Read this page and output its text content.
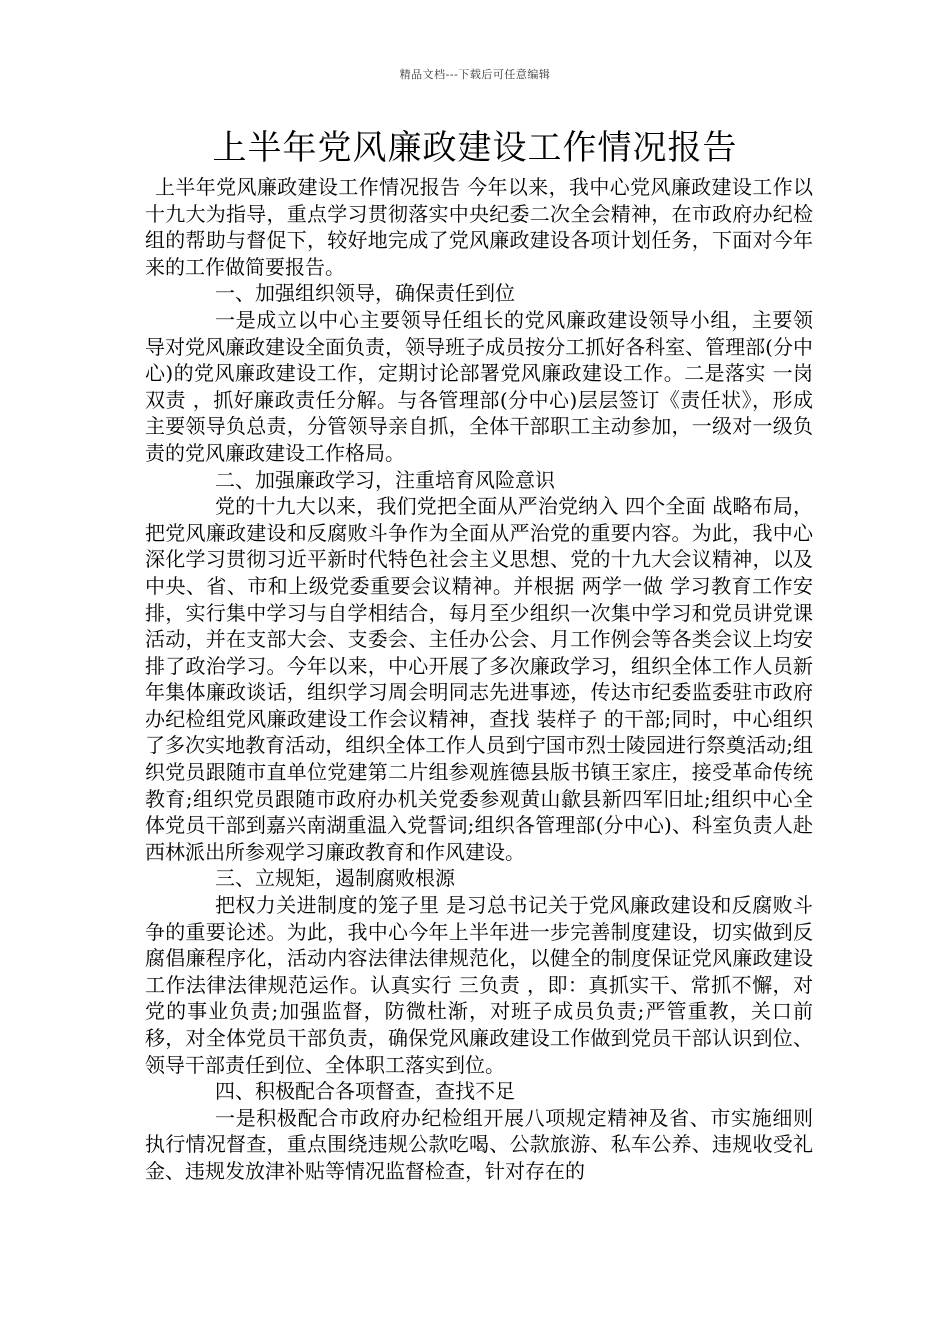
精品文档---下载后可任意编辑
上半年党风廉政建设工作情况报告

上半年党风廉政建设工作情况报告 今年以来，我中心党风廉政建设工作以十九大为指导，重点学习贯彻落实中央纪委二次全会精神，在市政府办纪检组的帮助与督促下，较好地完成了党风廉政建设各项计划任务，下面对今年来的工作做简要报告。

一、加强组织领导，确保责任到位

一是成立以中心主要领导任组长的党风廉政建设领导小组，主要领导对党风廉政建设全面负责，领导班子成员按分工抓好各科室、管理部(分中心)的党风廉政建设工作，定期讨论部署党风廉政建设工作。二是落实 一岗双责 ，抓好廉政责任分解。与各管理部(分中心)层层签订《责任状》，形成主要领导负总责，分管领导亲自抓，全体干部职工主动参加，一级对一级负责的党风廉政建设工作格局。

二、加强廉政学习，注重培育风险意识

党的十九大以来，我们党把全面从严治党纳入 四个全面 战略布局，把党风廉政建设和反腐败斗争作为全面从严治党的重要内容。为此，我中心深化学习贯彻习近平新时代特色社会主义思想、党的十九大会议精神，以及中央、省、市和上级党委重要会议精神。并根据 两学一做 学习教育工作安排，实行集中学习与自学相结合，每月至少组织一次集中学习和党员讲党课活动，并在支部大会、支委会、主任办公会、月工作例会等各类会议上均安排了政治学习。今年以来，中心开展了多次廉政学习，组织全体工作人员新年集体廉政谈话，组织学习周会明同志先进事迹，传达市纪委监委驻市政府办纪检组党风廉政建设工作会议精神，查找 装样子 的干部;同时，中心组织了多次实地教育活动，组织全体工作人员到宁国市烈士陵园进行祭奠活动;组织党员跟随市直单位党建第二片组参观旌德县版书镇王家庄，接受革命传统教育;组织党员跟随市政府办机关党委参观黄山歙县新四军旧址;组织中心全体党员干部到嘉兴南湖重温入党誓词;组织各管理部(分中心)、科室负责人赴西林派出所参观学习廉政教育和作风建设。

三、立规矩，遏制腐败根源

把权力关进制度的笼子里 是习总书记关于党风廉政建设和反腐败斗争的重要论述。为此，我中心今年上半年进一步完善制度建设，切实做到反腐倡廉程序化，活动内容法律法律规范化，以健全的制度保证党风廉政建设工作法律法律规范运作。认真实行 三负责 ，即：真抓实干、常抓不懈，对党的事业负责;加强监督，防微杜渐，对班子成员负责;严管重教，关口前移，对全体党员干部负责，确保党风廉政建设工作做到党员干部认识到位、领导干部责任到位、全体职工落实到位。

四、积极配合各项督查，查找不足

一是积极配合市政府办纪检组开展八项规定精神及省、市实施细则执行情况督查，重点围绕违规公款吃喝、公款旅游、私车公养、违规收受礼金、违规发放津补贴等情况监督检查，针对存在的
